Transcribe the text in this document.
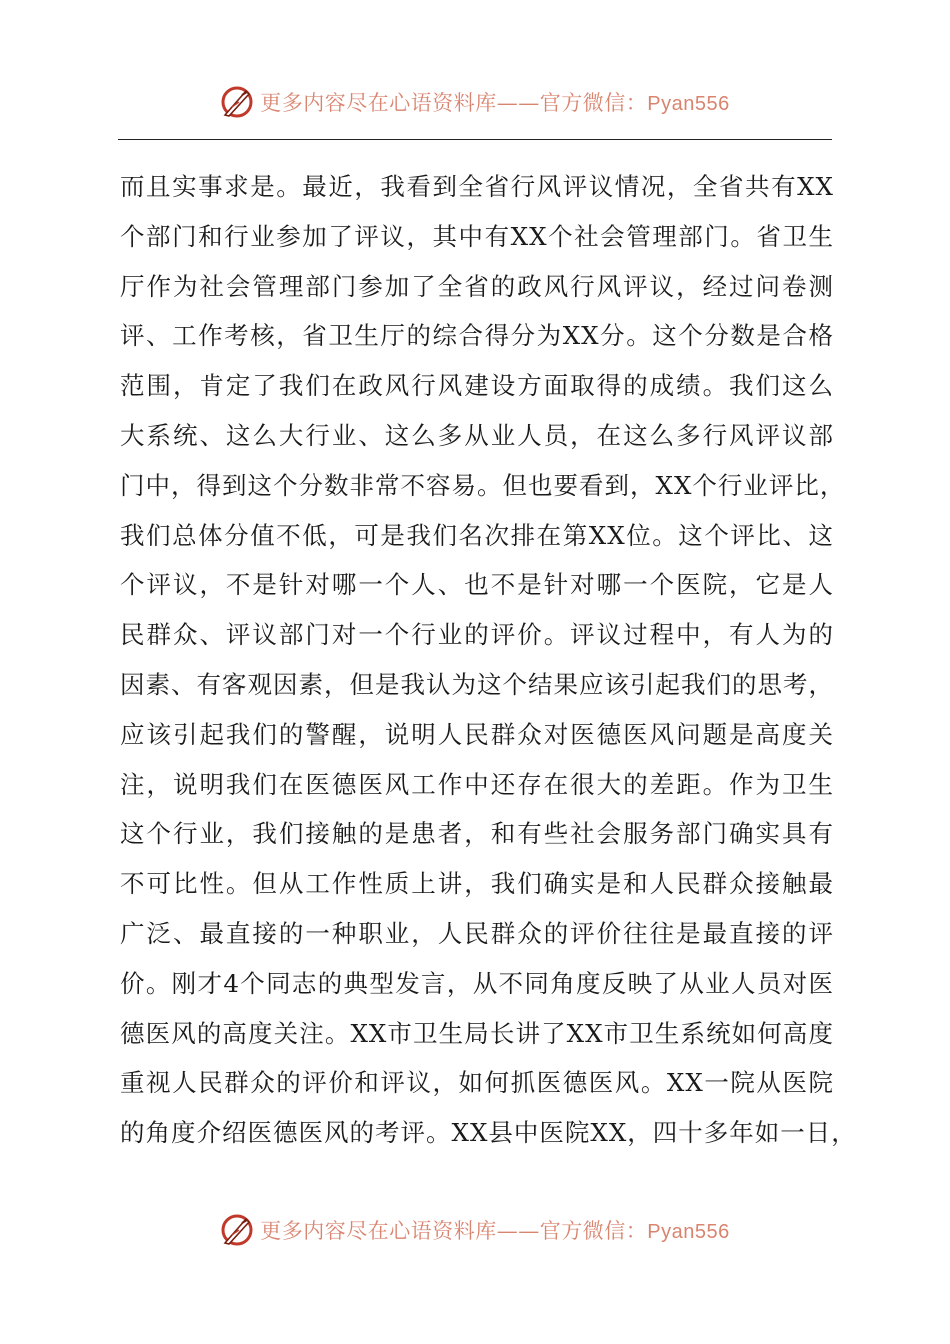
更多内容尽在心语资料库——官方微信：Pyan556
而且实事求是。最近，我看到全省行风评议情况，全省共有XX
个部门和行业参加了评议，其中有XX个社会管理部门。省卫生
厅作为社会管理部门参加了全省的政风行风评议，经过问卷测
评、工作考核，省卫生厅的综合得分为XX分。这个分数是合格
范围，肯定了我们在政风行风建设方面取得的成绩。我们这么
大系统、这么大行业、这么多从业人员，在这么多行风评议部
门中，得到这个分数非常不容易。但也要看到，XX个行业评比，
我们总体分值不低，可是我们名次排在第XX位。这个评比、这
个评议，不是针对哪一个人、也不是针对哪一个医院，它是人
民群众、评议部门对一个行业的评价。评议过程中，有人为的
因素、有客观因素，但是我认为这个结果应该引起我们的思考，
应该引起我们的警醒，说明人民群众对医德医风问题是高度关
注，说明我们在医德医风工作中还存在很大的差距。作为卫生
这个行业，我们接触的是患者，和有些社会服务部门确实具有
不可比性。但从工作性质上讲，我们确实是和人民群众接触最
广泛、最直接的一种职业，人民群众的评价往往是最直接的评
价。刚才4个同志的典型发言，从不同角度反映了从业人员对医
德医风的高度关注。XX市卫生局长讲了XX市卫生系统如何高度
重视人民群众的评价和评议，如何抓医德医风。XX一院从医院
的角度介绍医德医风的考评。XX县中医院XX，四十多年如一日，
更多内容尽在心语资料库——官方微信：Pyan556
